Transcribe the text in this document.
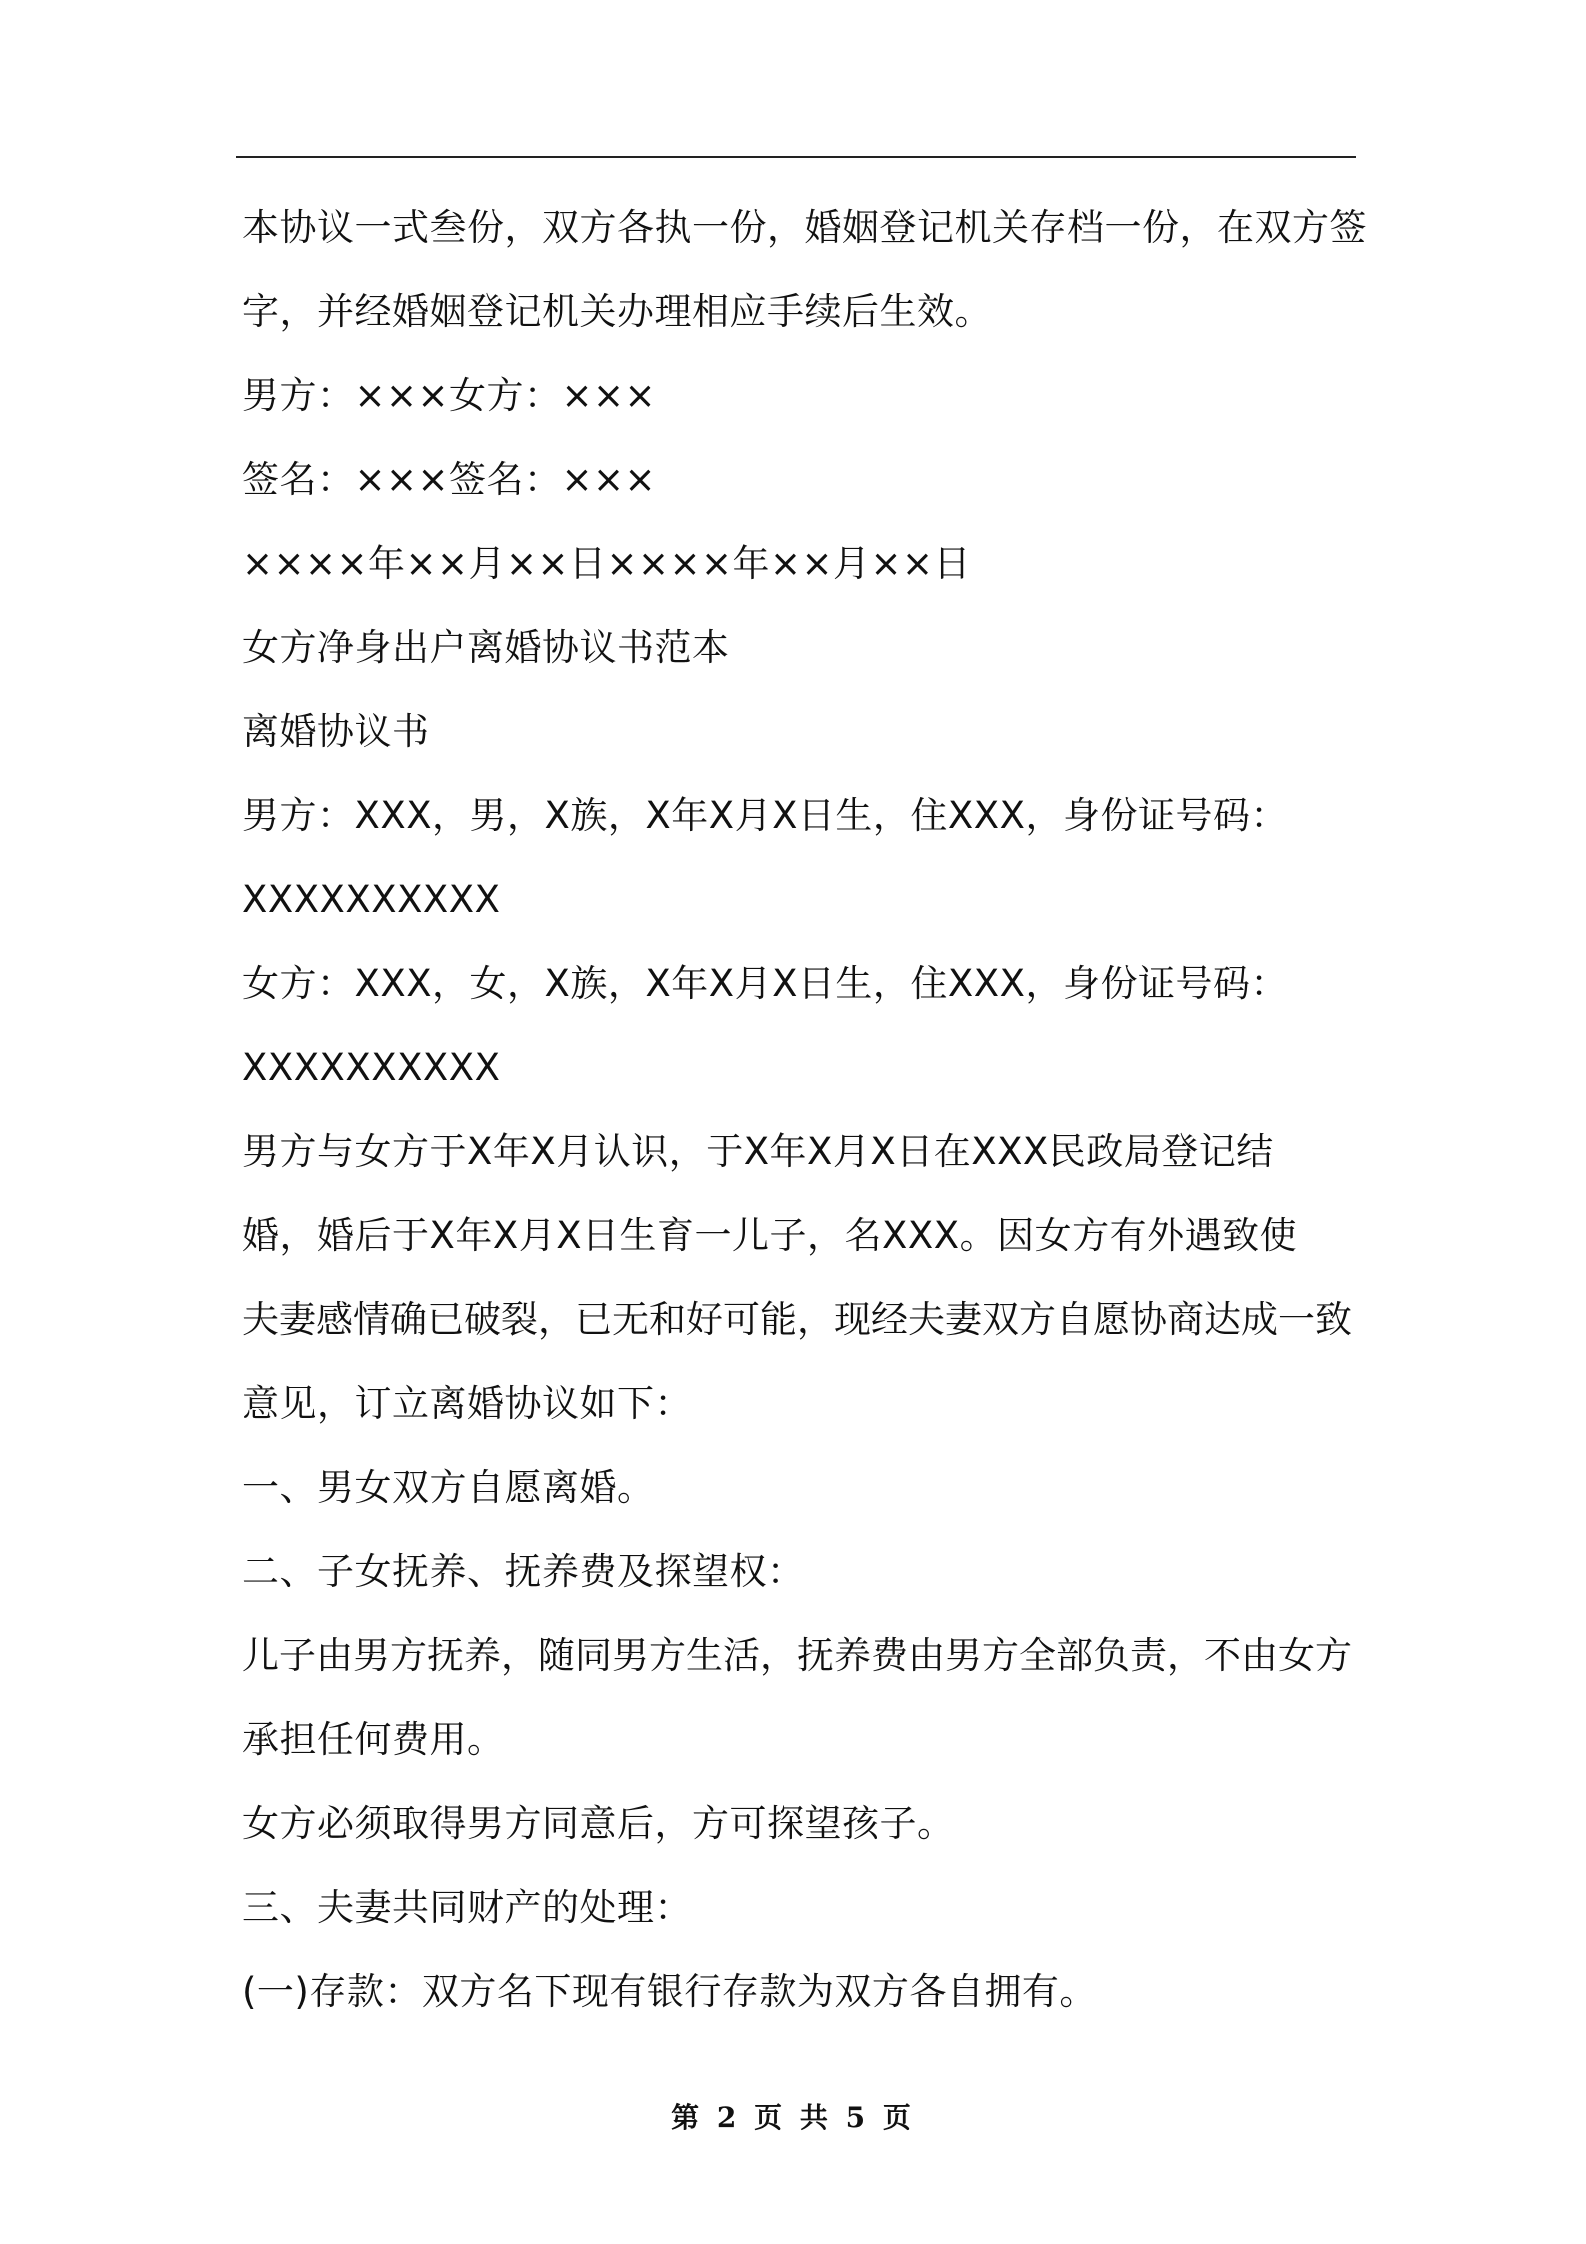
本协议一式叁份，双方各执一份，婚姻登记机关存档一份，在双方签
字，并经婚姻登记机关办理相应手续后生效。
男方：×××女方：×××
签名：×××签名：×××
××××年××月××日××××年××月××日
女方净身出户离婚协议书范本
离婚协议书
男方：XXX，男，X族，X年X月X日生，住XXX，身份证号码：
XXXXXXXXXX
女方：XXX，女，X族，X年X月X日生，住XXX，身份证号码：
XXXXXXXXXX
男方与女方于X年X月认识，于X年X月X日在XXX民政局登记结
婚，婚后于X年X月X日生育一儿子，名XXX。因女方有外遇致使
夫妻感情确已破裂，已无和好可能，现经夫妻双方自愿协商达成一致
意见，订立离婚协议如下：
一、男女双方自愿离婚。
二、子女抚养、抚养费及探望权：
儿子由男方抚养，随同男方生活，抚养费由男方全部负责，不由女方
承担任何费用。
女方必须取得男方同意后，方可探望孩子。
三、夫妻共同财产的处理：
(一)存款：双方名下现有银行存款为双方各自拥有。
第 2 页 共 5 页
